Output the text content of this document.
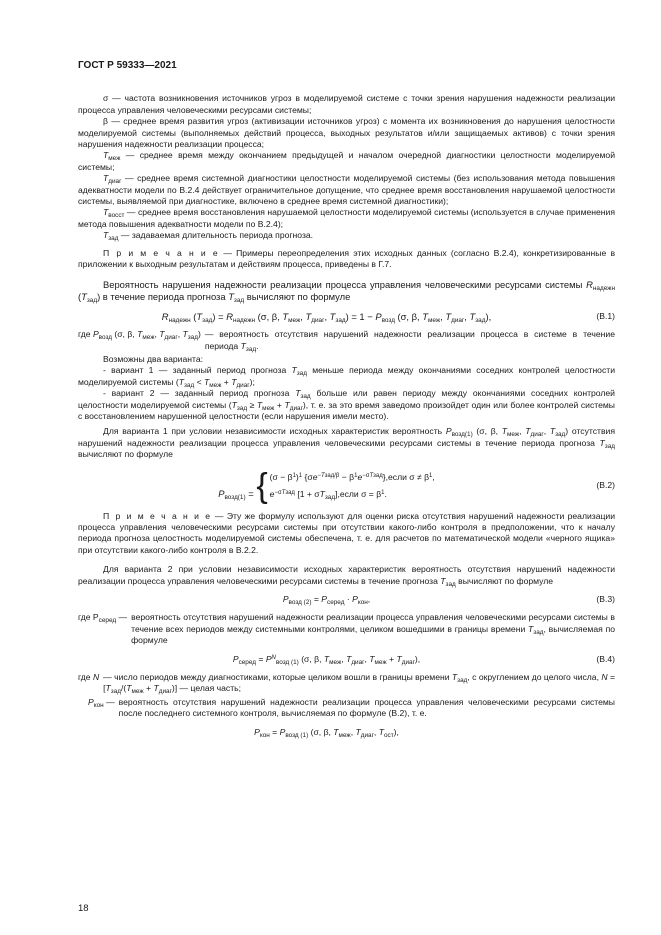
ГОСТ Р 59333—2021

σ — частота возникновения источников угроз в моделируемой системе с точки зрения нарушения надежности реализации процесса управления человеческими ресурсами системы;

β — среднее время развития угроз (активизации источников угроз) с момента их возникновения до нарушения целостности моделируемой системы (выполняемых действий процесса, выходных результатов и/или защищаемых активов) с точки зрения нарушения надежности реализации процесса;

$T_{меж}$ — среднее время между окончанием предыдущей и началом очередной диагностики целостности моделируемой системы;

$T_{диаг}$ — среднее время системной диагностики целостности моделируемой системы (без использования метода повышения адекватности модели по В.2.4 действует ограничительное допущение, что среднее время восстановления нарушаемой целостности системы, выявляемой при диагностике, включено в среднее время системной диагностики);

$T_{восст}$ — среднее время восстановления нарушаемой целостности моделируемой системы (используется в случае применения метода повышения адекватности модели по В.2.4);

$T_{зад}$ — задаваемая длительность периода прогноза.

П р и м е ч а н и е — Примеры переопределения этих исходных данных (согласно В.2.4), конкретизированные в приложении к выходным результатам и действиям процесса, приведены в Г.7.

Вероятность нарушения надежности реализации процесса управления человеческими ресурсами системы $R_{надежн}$ $(T_{зад})$ в течение периода прогноза $T_{зад}$ вычисляют по формуле

$R_{надежн}$ $(T_{зад}) = R_{надежн}$ (σ, β, $T_{меж}$, $T_{диаг}$, $T_{зад}) = 1 - P_{возд}$ (σ, β, $T_{меж}$, $T_{диаг}$, $T_{зад}$),	(В.1)
где $P_{возд}$ (σ, β, $T_{меж}$, $T_{диаг}$, $T_{зад}$) — вероятность отсутствия нарушений надежности реализации процесса в системе в течение периода $T_{зад}$.

Возможны два варианта:

- вариант 1 — заданный период прогноза $T_{зад}$ меньше периода между окончаниями соседних контролей целостности моделируемой системы $(T_{зад} < T_{меж} + T_{диаг})$;

- вариант 2 — заданный период прогноза $T_{зад}$ больше или равен периоду между окончаниями соседних контролей целостности моделируемой системы $(T_{зад} \ge T_{меж} + T_{диаг})$, т. е. за это время заведомо произойдет один или более контролей системы с восстановлением нарушенной целостности (если нарушения имели место).

Для варианта 1 при условии независимости исходных характеристик вероятность $P_{возд(1)}$ (σ, β, $T_{меж}$, $T_{диаг}$, $T_{зад}$) отсутствия нарушений надежности реализации процесса управления человеческими ресурсами системы в течение периода прогноза $T_{зад}$ вычисляют по формуле

$P_{возд(1)}$ = { $(\sigma - \beta^1)^1$ {$\sigma e^{-Tзад/\beta}$ − $\beta^1e^{-\sigma Tзад}\},если$ $\sigma \ne \beta^1$,
$e^{-\sigma Tзад}$ $[1 + \sigma T_{зад}],если$ $\sigma = \beta^1$.
(В.2)

П р и м е ч а н и е — Эту же формулу используют для оценки риска отсутствия нарушений надежности реализации процесса управления человеческими ресурсами системы при отсутствии какого-либо контроля в предположении, что к началу периода прогноза целостность моделируемой системы обеспечена, т. е. для расчетов по математической модели «черного ящика» при отсутствии какого-либо контроля в В.2.2.

Для варианта 2 при условии независимости исходных характеристик вероятность отсутствия нарушений надежности реализации процесса управления человеческими ресурсами системы в течение прогноза $T_{зад}$ вычисляют по формуле

$P_{возд (2)} = P_{серед} \cdot P_{кон}$,	(В.3)
где $P_{серед}$ — вероятность отсутствия нарушений надежности реализации процесса управления человеческими ресурсами системы в течение всех периодов между системными контролями, целиком вошедшими в границы времени $T_{зад}$, вычисляемая по формуле
$P_{серед} = P^N_{возд (1)}$ (σ, β, $T_{меж}$, $T_{диаг}$, $T_{меж} + T_{диаг}$),	(В.4)
где N — число периодов между диагностиками, которые целиком вошли в границы времени $T_{зад}$, с округлением до целого числа, $N = [T_{зад}/(T_{меж} + T_{диаг})]$ — целая часть;
$P_{кон}$ — вероятность отсутствия нарушений надежности реализации процесса управления человеческими ресурсами системы после последнего системного контроля, вычисляемая по формуле (В.2), т. е.
$P_{кон} = P_{возд (1)}$ (σ, β, $T_{меж}$, $T_{диаг}$, $T_{ост}$),
18
